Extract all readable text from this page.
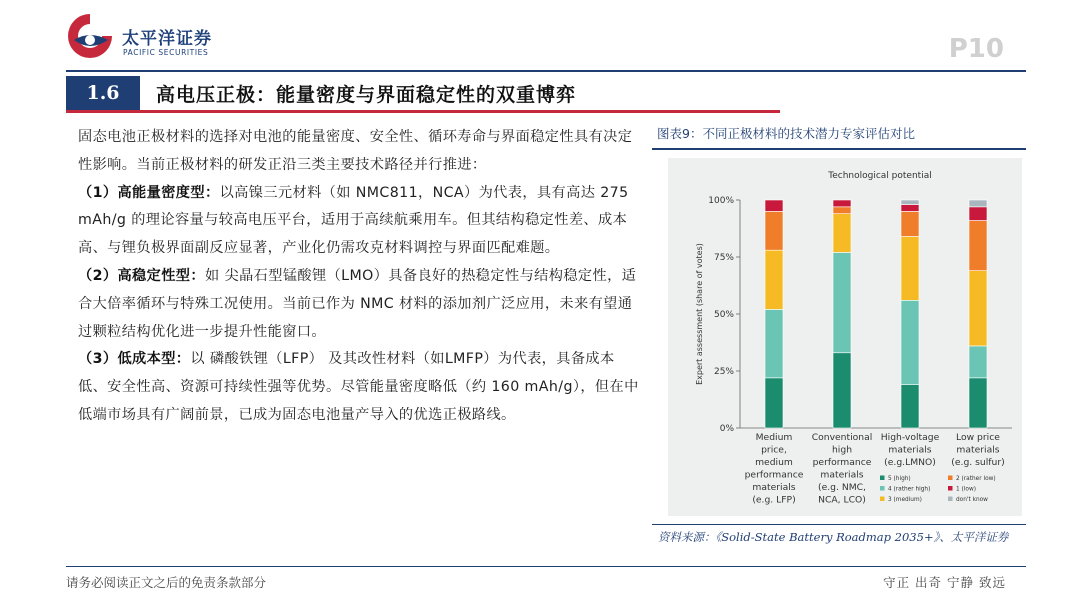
太平洋证券
PACIFIC SECURITIES	P10
1.6	高电压正极：能量密度与界面稳定性的双重博弈

固态电池正极材料的选择对电池的能量密度、安全性、循环寿命与界面稳定性具有决定性影响。当前正极材料的研发正沿三类主要技术路径并行推进：

（1）高能量密度型：以高镍三元材料（如 NMC811，NCA）为代表，具有高达 275 mAh/g 的理论容量与较高电压平台，适用于高续航乘用车。但其结构稳定性差、成本高、与锂负极界面副反应显著，产业化仍需攻克材料调控与界面匹配难题。

（2）高稳定性型：如 尖晶石型锰酸锂（LMO）具备良好的热稳定性与结构稳定性，适合大倍率循环与特殊工况使用。当前已作为 NMC 材料的添加剂广泛应用，未来有望通过颗粒结构优化进一步提升性能窗口。

（3）低成本型：以 磷酸铁锂（LFP） 及其改性材料（如LMFP）为代表，具备成本低、安全性高、资源可持续性强等优势。尽管能量密度略低（约 160 mAh/g），但在中低端市场具有广阔前景，已成为固态电池量产导入的优选正极路线。

图表9：不同正极材料的技术潜力专家评估对比
Technological potential
0%
25%
50%
75%
100%
Expert assessment (share of votes)
Medium
price,
medium
performance
materials
(e.g. LFP)
Conventional
high
performance
materials
(e.g. NMC,
NCA, LCO)
High-voltage
materials
(e.g.LMNO)
Low price
materials
(e.g. sulfur)
5 (high)
4 (rather high)
3 (medium)
2 (rather low)
1 (low)
don't know
资料来源：《Solid-State Battery Roadmap 2035+》、太平洋证券
请务必阅读正文之后的免责条款部分	守正 出奇 宁静 致远
